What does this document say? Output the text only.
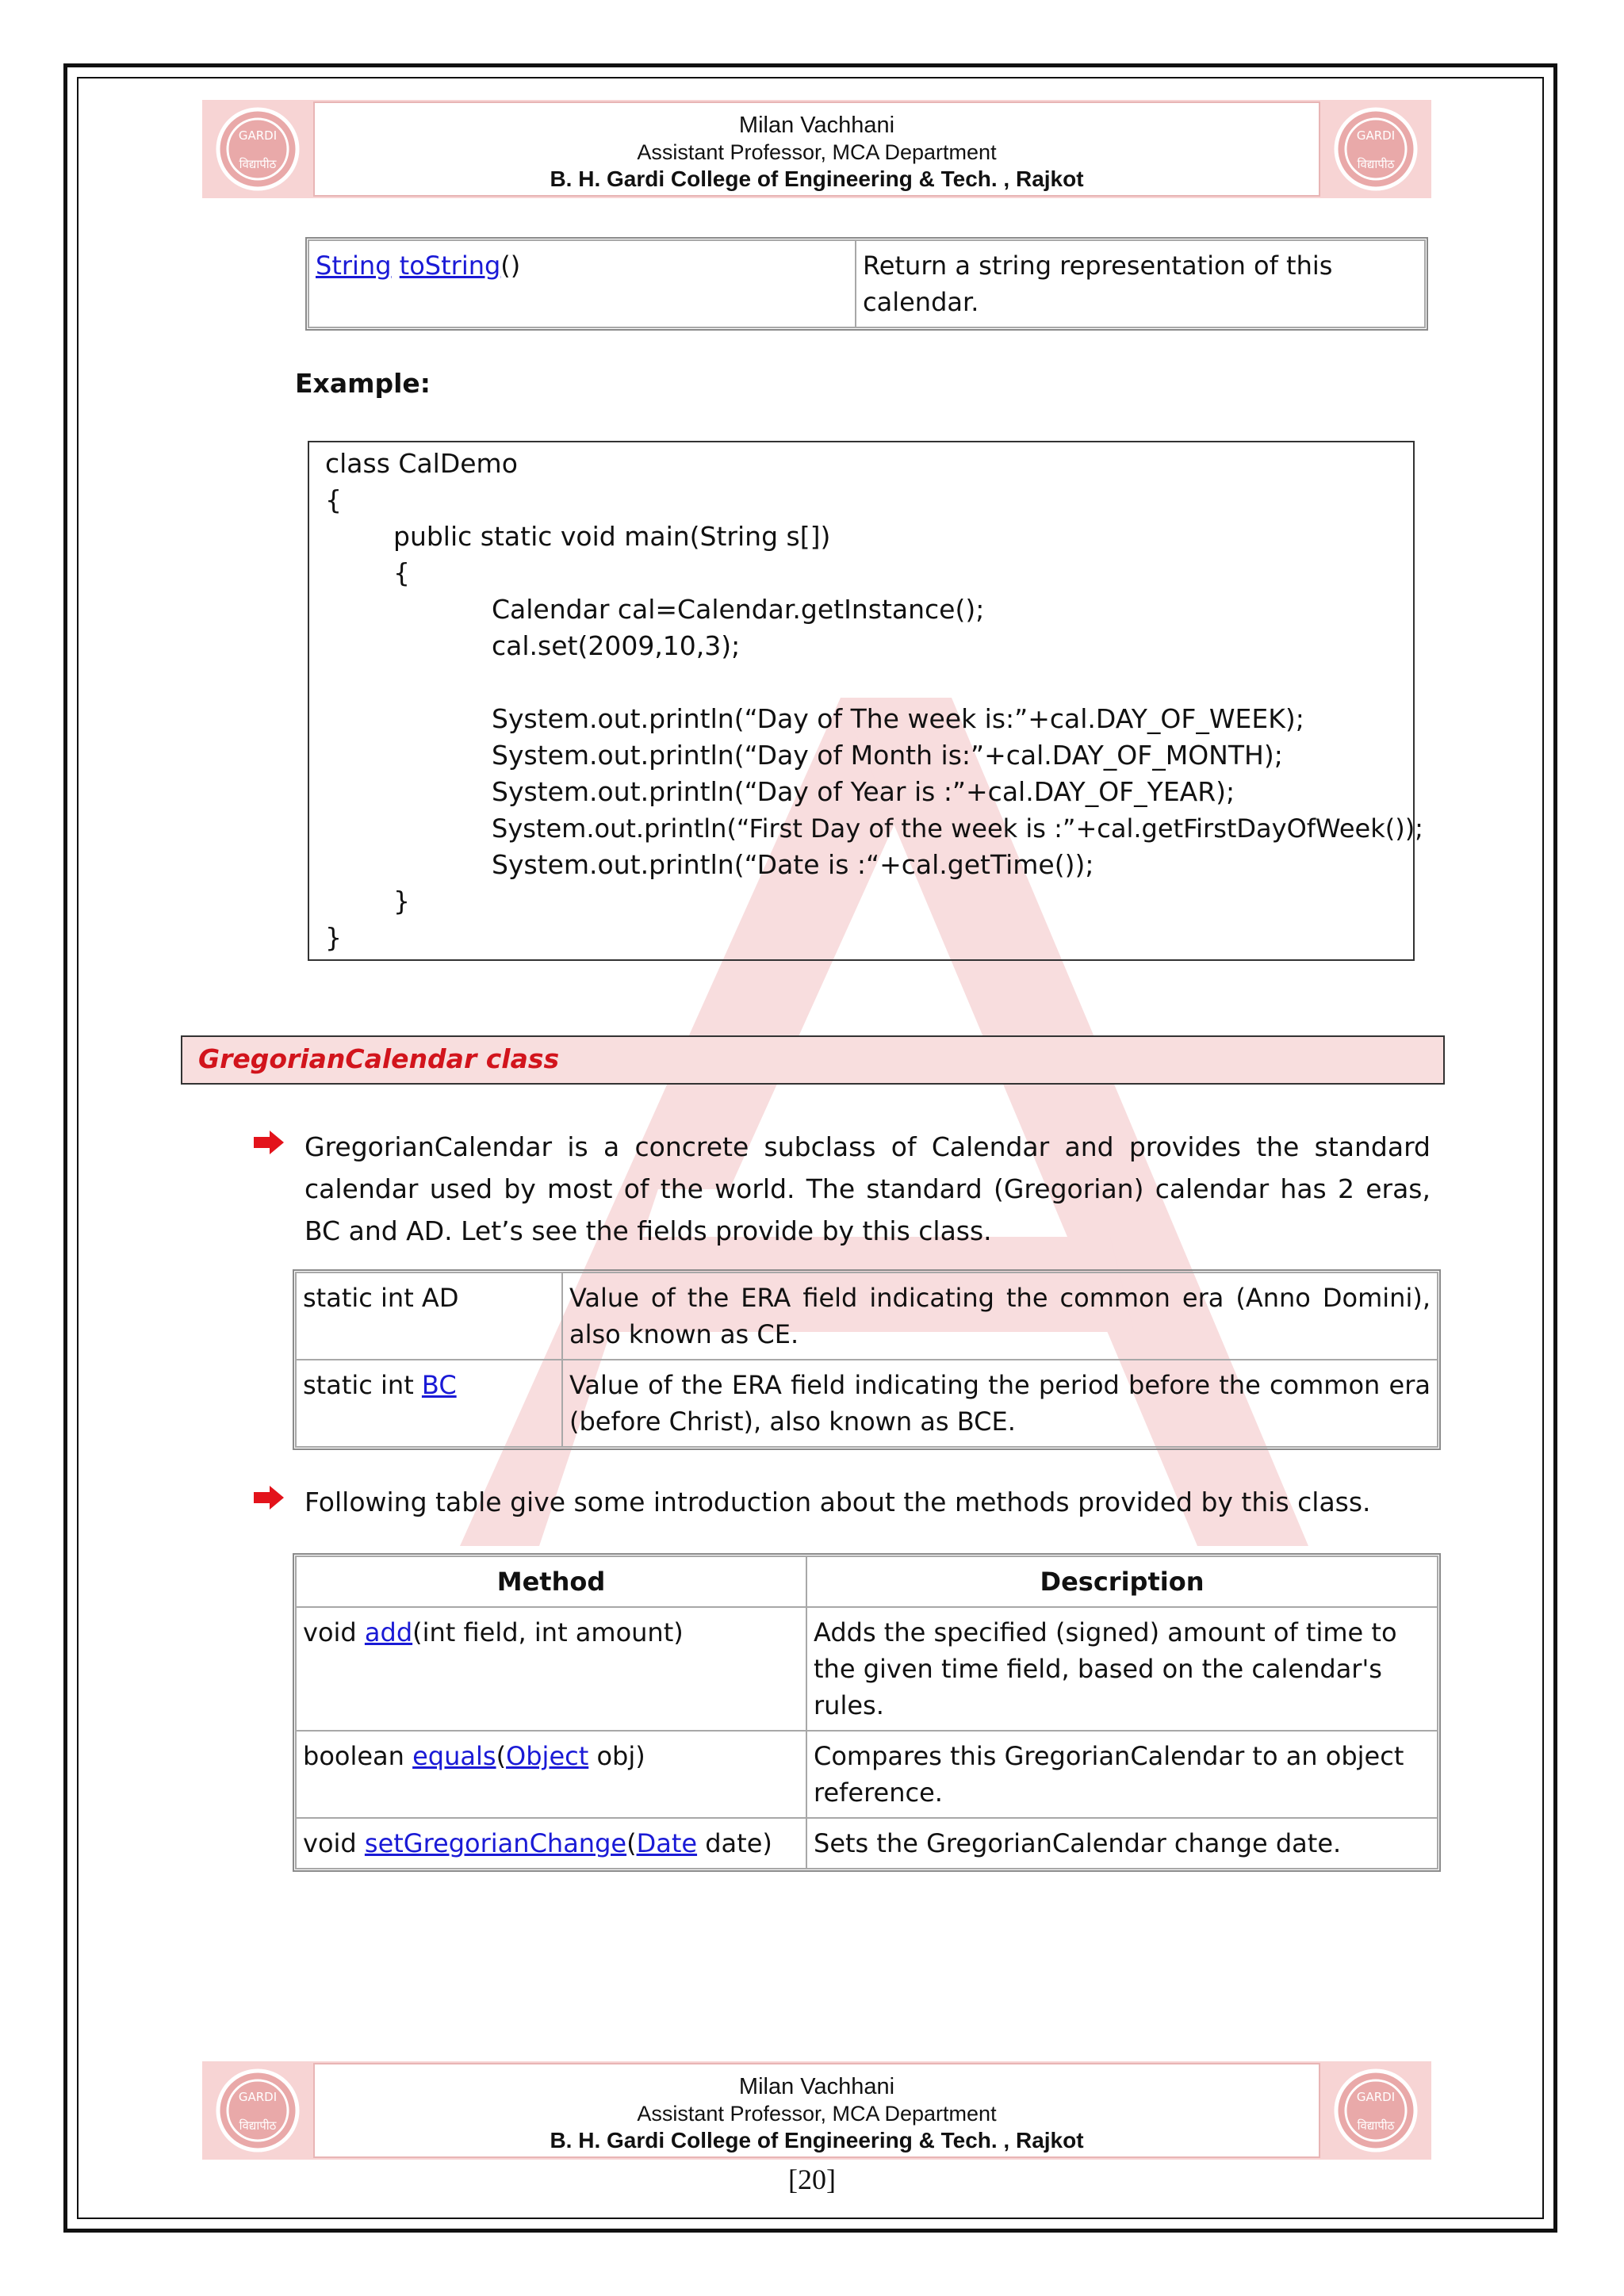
GARDI
विद्यापीठ
Milan Vachhani
Assistant Professor, MCA Department
B. H. Gardi College of Engineering & Tech. , Rajkot
GARDI
विद्यापीठ
String toString()	Return a string representation of this calendar.
Example:
class CalDemo
{
public static void main(String s[])
{
Calendar cal=Calendar.getInstance();
cal.set(2009,10,3);
System.out.println(“Day of The week is:”+cal.DAY_OF_WEEK);
System.out.println(“Day of Month is:”+cal.DAY_OF_MONTH);
System.out.println(“Day of Year is :”+cal.DAY_OF_YEAR);
System.out.println(“First Day of the week is :”+cal.getFirstDayOfWeek());
System.out.println(“Date is :“+cal.getTime());
}
}
GregorianCalendar class
GregorianCalendar is a concrete subclass of Calendar and provides the standard calendar used by most of the world. The standard (Gregorian) calendar has 2 eras, BC and AD. Let’s see the fields provide by this class.
static int AD	Value of the ERA field indicating the common era (Anno Domini), also known as CE.
static int BC	Value of the ERA field indicating the period before the common era (before Christ), also known as BCE.
Following table give some introduction about the methods provided by this class.
Method	Description
void add(int field, int amount)	Adds the specified (signed) amount of time to the given time field, based on the calendar's rules.
boolean equals(Object obj)	Compares this GregorianCalendar to an object reference.
void setGregorianChange(Date date)	Sets the GregorianCalendar change date.
GARDI
विद्यापीठ
Milan Vachhani
Assistant Professor, MCA Department
B. H. Gardi College of Engineering & Tech. , Rajkot
GARDI
विद्यापीठ
[20]
